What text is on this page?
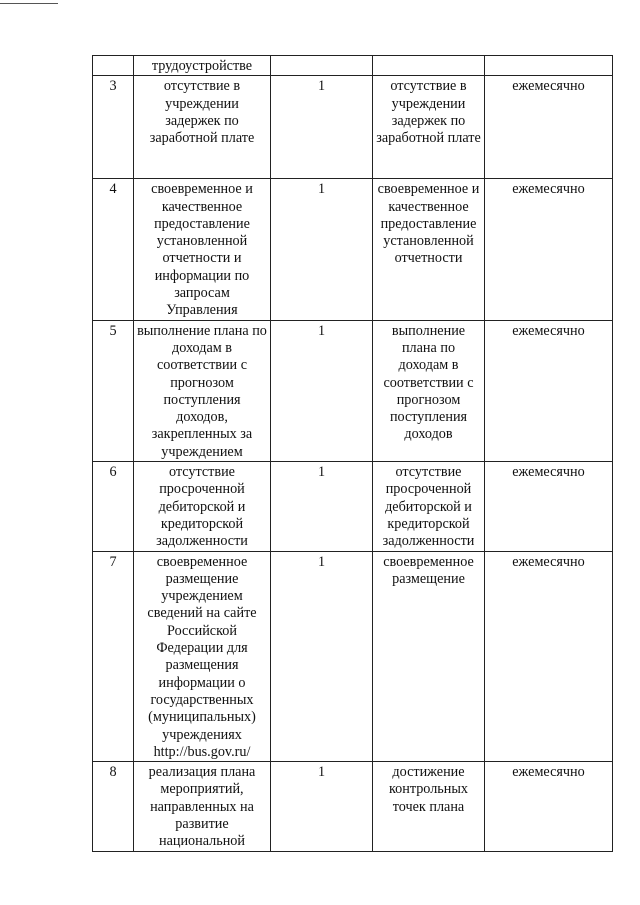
	трудоустройстве			
3	отсутствие в учреждении задержек по заработной плате	1	отсутствие в учреждении задержек по заработной плате	ежемесячно
4	своевременное и качественное предоставление установленной отчетности и информации по запросам Управления	1	своевременное и качественное предоставление установленной отчетности	ежемесячно
5	выполнение плана по доходам в соответствии с прогнозом поступления доходов, закрепленных за учреждением	1	выполнение плана по доходам в соответствии с прогнозом поступления доходов	ежемесячно
6	отсутствие просроченной дебиторской и кредиторской задолженности	1	отсутствие просроченной дебиторской и кредиторской задолженности	ежемесячно
7	своевременное размещение учреждением сведений на сайте Российской Федерации для размещения информации о государственных (муниципальных) учреждениях http://bus.gov.ru/	1	своевременное размещение	ежемесячно
8	реализация плана мероприятий, направленных на развитие национальной	1	достижение контрольных точек плана	ежемесячно
